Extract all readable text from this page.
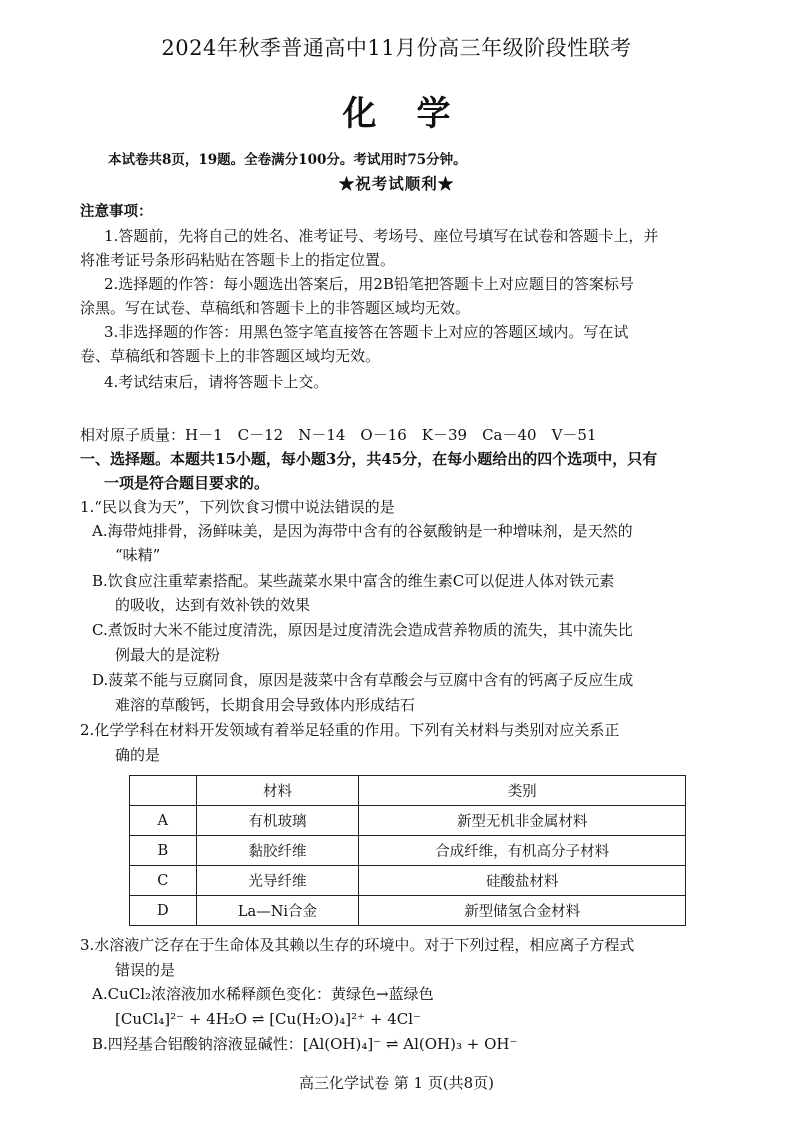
2024年秋季普通高中11月份高三年级阶段性联考
化学
本试卷共8页，19题。全卷满分100分。考试用时75分钟。
★祝考试顺利★
注意事项：
1.答题前，先将自己的姓名、准考证号、考场号、座位号填写在试卷和答题卡上，并
将准考证号条形码粘贴在答题卡上的指定位置。
2.选择题的作答：每小题选出答案后，用2B铅笔把答题卡上对应题目的答案标号
涂黑。写在试卷、草稿纸和答题卡上的非答题区域均无效。
3.非选择题的作答：用黑色签字笔直接答在答题卡上对应的答题区域内。写在试
卷、草稿纸和答题卡上的非答题区域均无效。
4.考试结束后，请将答题卡上交。
相对原子质量：H－1　C－12　N－14　O－16　K－39　Ca－40　V－51
一、选择题。本题共15小题，每小题3分，共45分，在每小题给出的四个选项中，只有
一项是符合题目要求的。
1.“民以食为天”，下列饮食习惯中说法错误的是
A.海带炖排骨，汤鲜味美，是因为海带中含有的谷氨酸钠是一种增味剂，是天然的
“味精”
B.饮食应注重荤素搭配。某些蔬菜水果中富含的维生素C可以促进人体对铁元素
的吸收，达到有效补铁的效果
C.煮饭时大米不能过度清洗，原因是过度清洗会造成营养物质的流失，其中流失比
例最大的是淀粉
D.菠菜不能与豆腐同食，原因是菠菜中含有草酸会与豆腐中含有的钙离子反应生成
难溶的草酸钙，长期食用会导致体内形成结石
2.化学学科在材料开发领域有着举足轻重的作用。下列有关材料与类别对应关系正
确的是
	材料	类别
A	有机玻璃	新型无机非金属材料
B	黏胶纤维	合成纤维，有机高分子材料
C	光导纤维	硅酸盐材料
D	La—Ni合金	新型储氢合金材料
3.水溶液广泛存在于生命体及其赖以生存的环境中。对于下列过程，相应离子方程式
错误的是
A.CuCl₂浓溶液加水稀释颜色变化：黄绿色→蓝绿色
[CuCl₄]²⁻ + 4H₂O ⇌ [Cu(H₂O)₄]²⁺ + 4Cl⁻
B.四羟基合铝酸钠溶液显碱性：[Al(OH)₄]⁻ ⇌ Al(OH)₃ + OH⁻
高三化学试卷 第 1 页(共8页)
